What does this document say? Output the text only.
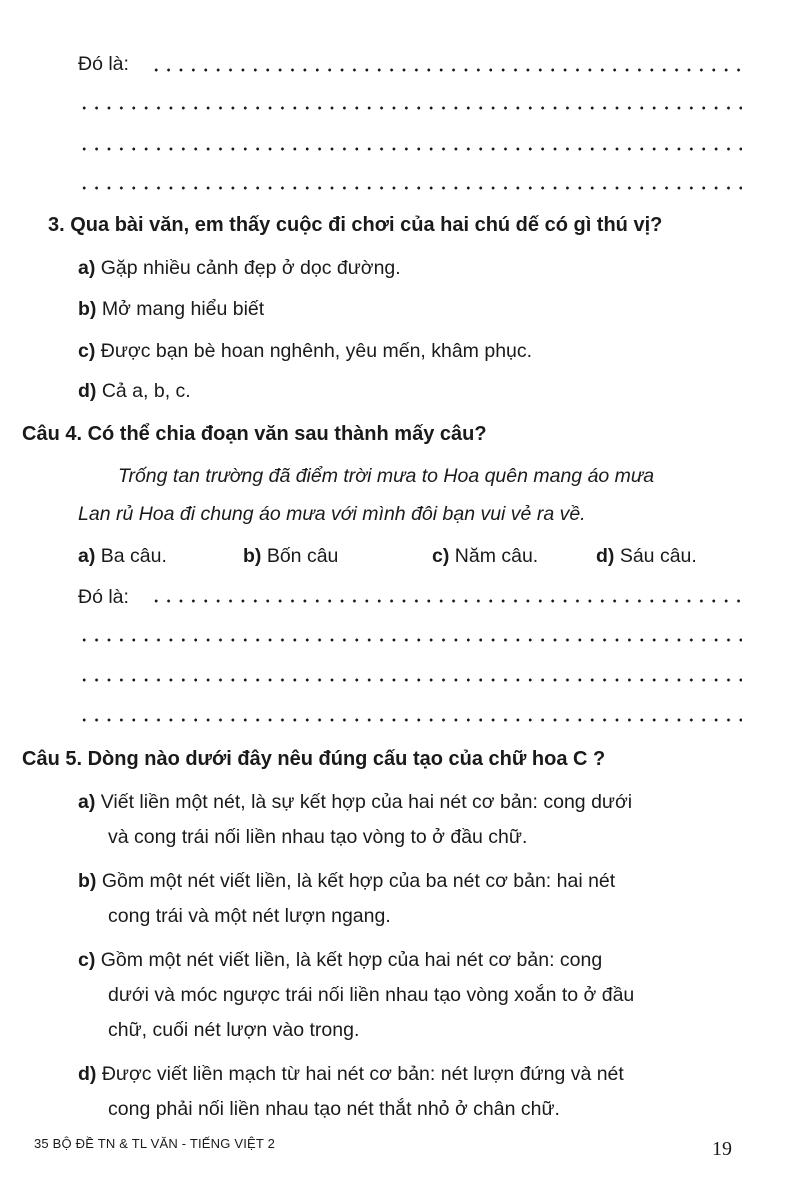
Đó là:
3. Qua bài văn, em thấy cuộc đi chơi của hai chú dế có gì thú vị?
a) Gặp nhiều cảnh đẹp ở dọc đường.
b) Mở mang hiểu biết
c) Được bạn bè hoan nghênh, yêu mến, khâm phục.
d) Cả a, b, c.
Câu 4. Có thể chia đoạn văn sau thành mấy câu?
Trống tan trường đã điểm trời mưa to Hoa quên mang áo mưa
Lan rủ Hoa đi chung áo mưa với mình đôi bạn vui vẻ ra về.
a) Ba câu.	b) Bốn câu	c) Năm câu.	d) Sáu câu.
Đó là:
Câu 5. Dòng nào dưới đây nêu đúng cấu tạo của chữ hoa C ?
a) Viết liền một nét, là sự kết hợp của hai nét cơ bản: cong dưới
và cong trái nối liền nhau tạo vòng to ở đầu chữ.
b) Gồm một nét viết liền, là kết hợp của ba nét cơ bản: hai nét
cong trái và một nét lượn ngang.
c) Gồm một nét viết liền, là kết hợp của hai nét cơ bản: cong
dưới và móc ngược trái nối liền nhau tạo vòng xoắn to ở đầu
chữ, cuối nét lượn vào trong.
d) Được viết liền mạch từ hai nét cơ bản: nét lượn đứng và nét
cong phải nối liền nhau tạo nét thắt nhỏ ở chân chữ.
35 BỘ ĐỀ TN & TL VĂN - TIẾNG VIỆT 2	19
